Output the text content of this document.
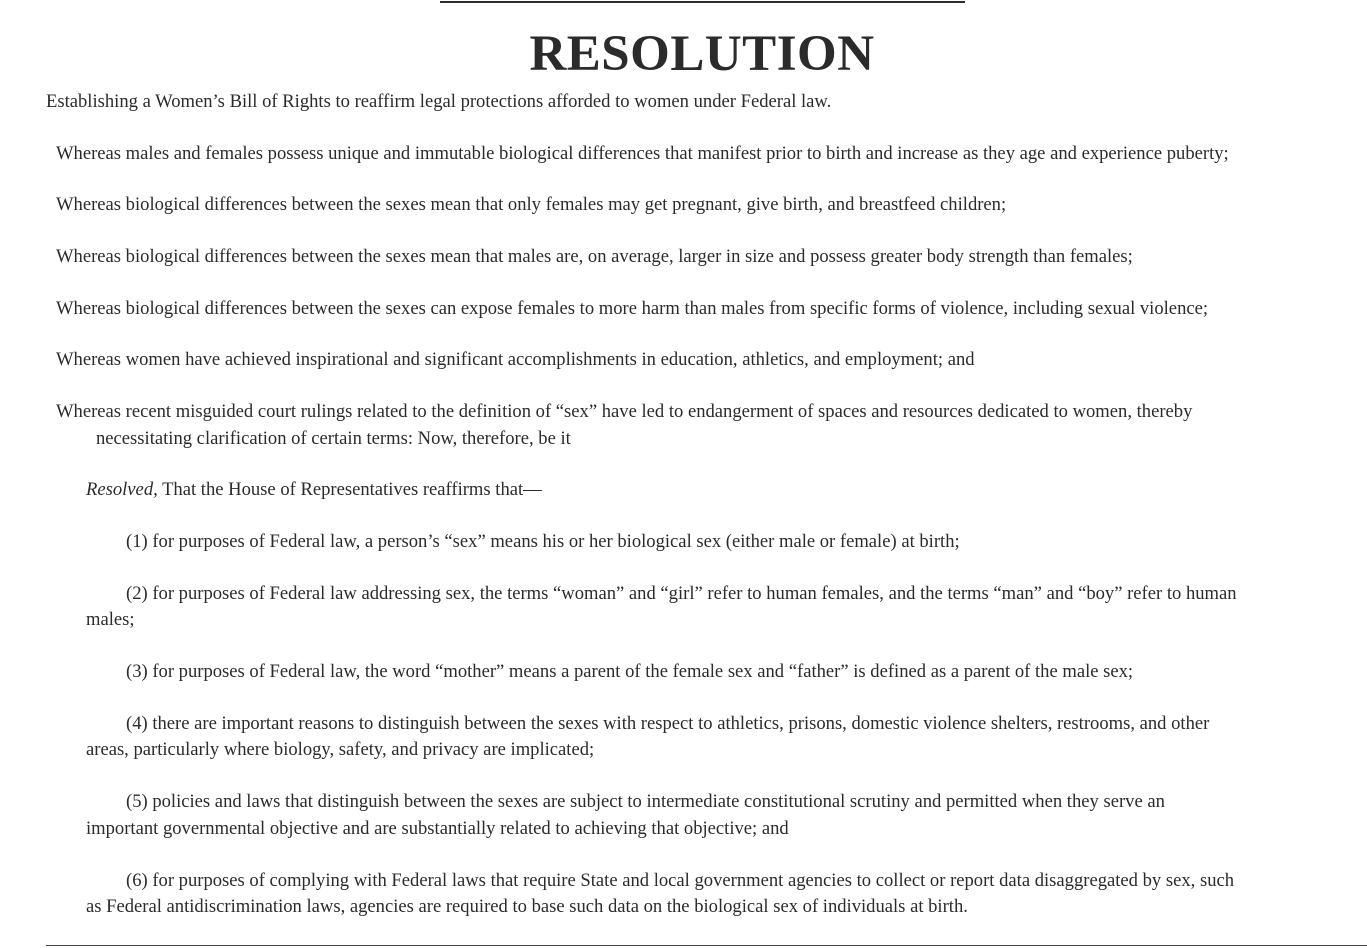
RESOLUTION
Establishing a Women’s Bill of Rights to reaffirm legal protections afforded to women under Federal law.
Whereas males and females possess unique and immutable biological differences that manifest prior to birth and increase as they age and experience puberty;
Whereas biological differences between the sexes mean that only females may get pregnant, give birth, and breastfeed children;
Whereas biological differences between the sexes mean that males are, on average, larger in size and possess greater body strength than females;
Whereas biological differences between the sexes can expose females to more harm than males from specific forms of violence, including sexual violence;
Whereas women have achieved inspirational and significant accomplishments in education, athletics, and employment; and
Whereas recent misguided court rulings related to the definition of “sex” have led to endangerment of spaces and resources dedicated to women, thereby
necessitating clarification of certain terms: Now, therefore, be it
Resolved, That the House of Representatives reaffirms that—
(1) for purposes of Federal law, a person’s “sex” means his or her biological sex (either male or female) at birth;
(2) for purposes of Federal law addressing sex, the terms “woman” and “girl” refer to human females, and the terms “man” and “boy” refer to human
males;
(3) for purposes of Federal law, the word “mother” means a parent of the female sex and “father” is defined as a parent of the male sex;
(4) there are important reasons to distinguish between the sexes with respect to athletics, prisons, domestic violence shelters, restrooms, and other
areas, particularly where biology, safety, and privacy are implicated;
(5) policies and laws that distinguish between the sexes are subject to intermediate constitutional scrutiny and permitted when they serve an
important governmental objective and are substantially related to achieving that objective; and
(6) for purposes of complying with Federal laws that require State and local government agencies to collect or report data disaggregated by sex, such
as Federal antidiscrimination laws, agencies are required to base such data on the biological sex of individuals at birth.
